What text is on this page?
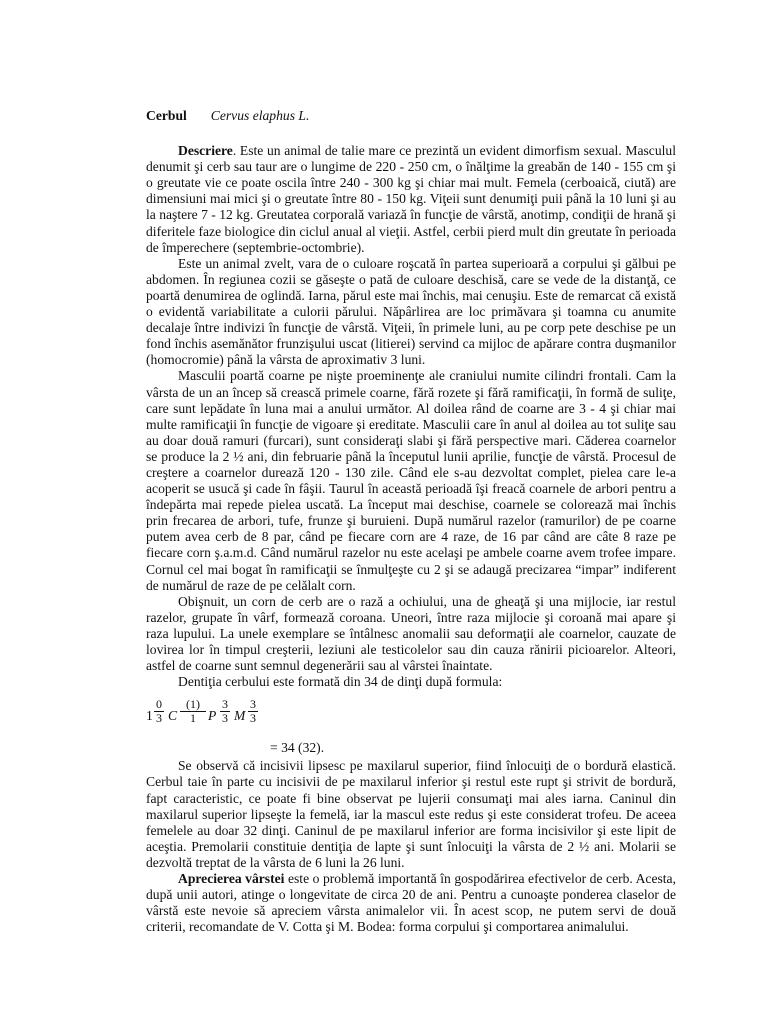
Cerbul Cervus elaphus L.

Descriere. Este un animal de talie mare ce prezintă un evident dimorfism sexual. Masculul denumit şi cerb sau taur are o lungime de 220 - 250 cm, o înălţime la greabăn de 140 - 155 cm şi o greutate vie ce poate oscila între 240 - 300 kg şi chiar mai mult. Femela (cerboaică, ciută) are dimensiuni mai mici şi o greutate între 80 - 150 kg. Viţeii sunt denumiţi puii până la 10 luni şi au la naştere 7 - 12 kg. Greutatea corporală variază în funcţie de vârstă, anotimp, condiţii de hrană şi diferitele faze biologice din ciclul anual al vieţii. Astfel, cerbii pierd mult din greutate în perioada de împerechere (septembrie-octombrie).

Este un animal zvelt, vara de o culoare roşcată în partea superioară a corpului şi gălbui pe abdomen. În regiunea cozii se găseşte o pată de culoare deschisă, care se vede de la distanţă, ce poartă denumirea de oglindă. Iarna, părul este mai închis, mai cenuşiu. Este de remarcat că există o evidentă variabilitate a culorii părului. Năpârlirea are loc primăvara şi toamna cu anumite decalaje între indivizi în funcţie de vârstă. Viţeii, în primele luni, au pe corp pete deschise pe un fond închis asemănător frunzişului uscat (litierei) servind ca mijloc de apărare contra duşmanilor (homocromie) până la vârsta de aproximativ 3 luni.

Masculii poartă coarne pe nişte proeminenţe ale craniului numite cilindri frontali. Cam la vârsta de un an încep să crească primele coarne, fără rozete şi fără ramificaţii, în formă de suliţe, care sunt lepădate în luna mai a anului următor. Al doilea rând de coarne are 3 - 4 şi chiar mai multe ramificaţii în funcţie de vigoare şi ereditate. Masculii care în anul al doilea au tot suliţe sau au doar două ramuri (furcari), sunt consideraţi slabi şi fără perspective mari. Căderea coarnelor se produce la 2 ½ ani, din februarie până la începutul lunii aprilie, funcţie de vârstă. Procesul de creştere a coarnelor durează 120 - 130 zile. Când ele s-au dezvoltat complet, pielea care le-a acoperit se usucă şi cade în fâşii. Taurul în această perioadă îşi freacă coarnele de arbori pentru a îndepărta mai repede pielea uscată. La început mai deschise, coarnele se colorează mai închis prin frecarea de arbori, tufe, frunze şi buruieni. După numărul razelor (ramurilor) de pe coarne putem avea cerb de 8 par, când pe fiecare corn are 4 raze, de 16 par când are câte 8 raze pe fiecare corn ş.a.m.d. Când numărul razelor nu este acelaşi pe ambele coarne avem trofee impare. Cornul cel mai bogat în ramificaţii se înmulţeşte cu 2 şi se adaugă precizarea “impar” indiferent de numărul de raze de pe celălalt corn.

Obişnuit, un corn de cerb are o rază a ochiului, una de gheaţă şi una mijlocie, iar restul razelor, grupate în vârf, formează coroana. Uneori, între raza mijlocie şi coroană mai apare şi raza lupului. La unele exemplare se întâlnesc anomalii sau deformaţii ale coarnelor, cauzate de lovirea lor în timpul creşterii, leziuni ale testicolelor sau din cauza rănirii picioarelor. Alteori, astfel de coarne sunt semnul degenerării sau al vârstei înaintate.

Dentiţia cerbului este formată din 34 de dinţi după formula:

$1 \frac{0}{3}$ C $\frac{(1)}{1}$ P $\frac{3}{3}$ M $\frac{3}{3}$
= 34 (32).

Se observă că incisivii lipsesc pe maxilarul superior, fiind înlocuiţi de o bordură elastică. Cerbul taie în parte cu incisivii de pe maxilarul inferior şi restul este rupt şi strivit de bordură, fapt caracteristic, ce poate fi bine observat pe lujerii consumaţi mai ales iarna. Caninul din maxilarul superior lipseşte la femelă, iar la mascul este redus şi este considerat trofeu. De aceea femelele au doar 32 dinţi. Caninul de pe maxilarul inferior are forma incisivilor şi este lipit de aceştia. Premolarii constituie dentiţia de lapte şi sunt înlocuiţi la vârsta de 2 ½ ani. Molarii se dezvoltă treptat de la vârsta de 6 luni la 26 luni.

Aprecierea vârstei este o problemă importantă în gospodărirea efectivelor de cerb. Acesta, după unii autori, atinge o longevitate de circa 20 de ani. Pentru a cunoaşte ponderea claselor de vârstă este nevoie să apreciem vârsta animalelor vii. În acest scop, ne putem servi de două criterii, recomandate de V. Cotta şi M. Bodea: forma corpului şi comportarea animalului.
